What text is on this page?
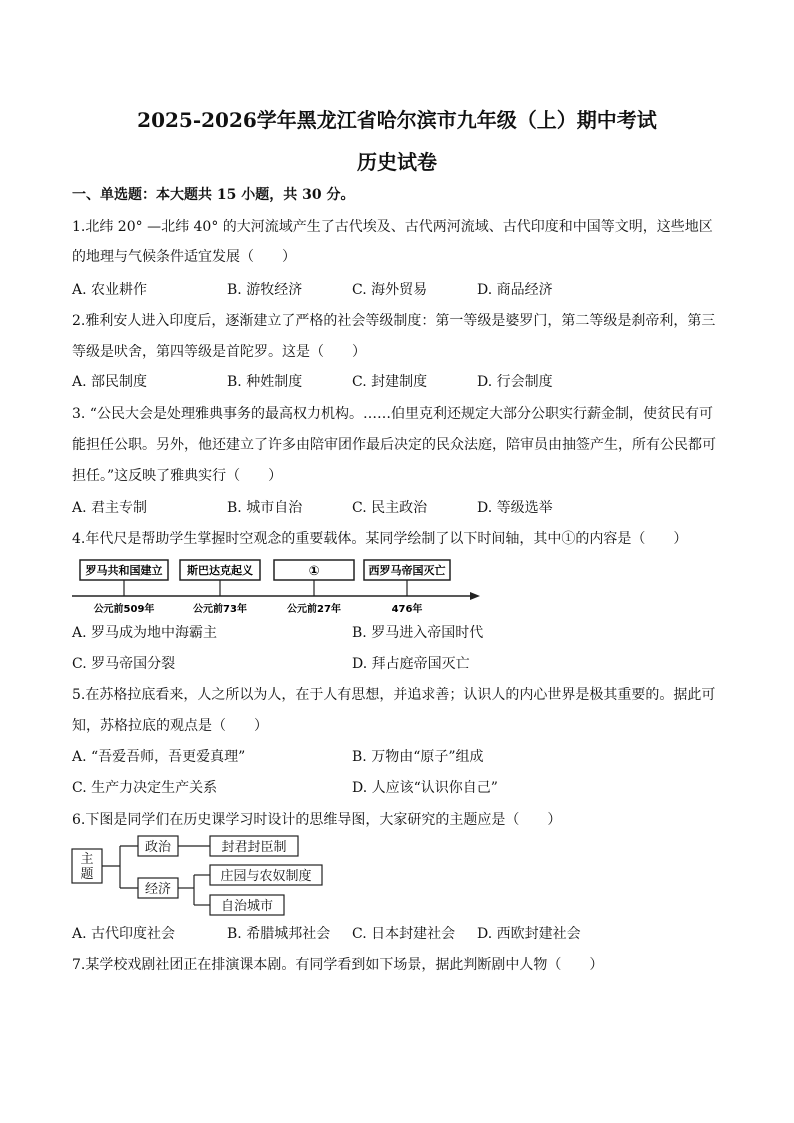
2025-2026学年黑龙江省哈尔滨市九年级（上）期中考试
历史试卷
一、单选题：本大题共 15 小题，共 30 分。
1.北纬 20° —北纬 40° 的大河流域产生了古代埃及、古代两河流域、古代印度和中国等文明，这些地区
的地理与气候条件适宜发展（　　）
A. 农业耕作	B. 游牧经济	C. 海外贸易	D. 商品经济
2.雅利安人进入印度后，逐渐建立了严格的社会等级制度：第一等级是婆罗门，第二等级是刹帝利，第三
等级是吠舍，第四等级是首陀罗。这是（　　）
A. 部民制度	B. 种姓制度	C. 封建制度	D. 行会制度
3. “公民大会是处理雅典事务的最高权力机构。……伯里克利还规定大部分公职实行薪金制，使贫民有可
能担任公职。另外，他还建立了许多由陪审团作最后决定的民众法庭，陪审员由抽签产生，所有公民都可
担任。”这反映了雅典实行（　　）
A. 君主专制	B. 城市自治	C. 民主政治	D. 等级选举
4.年代尺是帮助学生掌握时空观念的重要载体。某同学绘制了以下时间轴，其中①的内容是（　　）
罗马共和国建立 斯巴达克起义	①	西罗马帝国灭亡
公元前509年	公元前73年	公元前27年	476年
A. 罗马成为地中海霸主	B. 罗马进入帝国时代
C. 罗马帝国分裂	D. 拜占庭帝国灭亡
5.在苏格拉底看来，人之所以为人，在于人有思想，并追求善；认识人的内心世界是极其重要的。据此可
知，苏格拉底的观点是（　　）
A. “吾爱吾师，吾更爱真理”	B. 万物由“原子”组成
C. 生产力决定生产关系	D. 人应该“认识你自己”
6.下图是同学们在历史课学习时设计的思维导图，大家研究的主题应是（　　）
主
题
政治
经济
封君封臣制
庄园与农奴制度
自治城市
A. 古代印度社会	B. 希腊城邦社会 C. 日本封建社会 D. 西欧封建社会
7.某学校戏剧社团正在排演课本剧。有同学看到如下场景，据此判断剧中人物（　　）
